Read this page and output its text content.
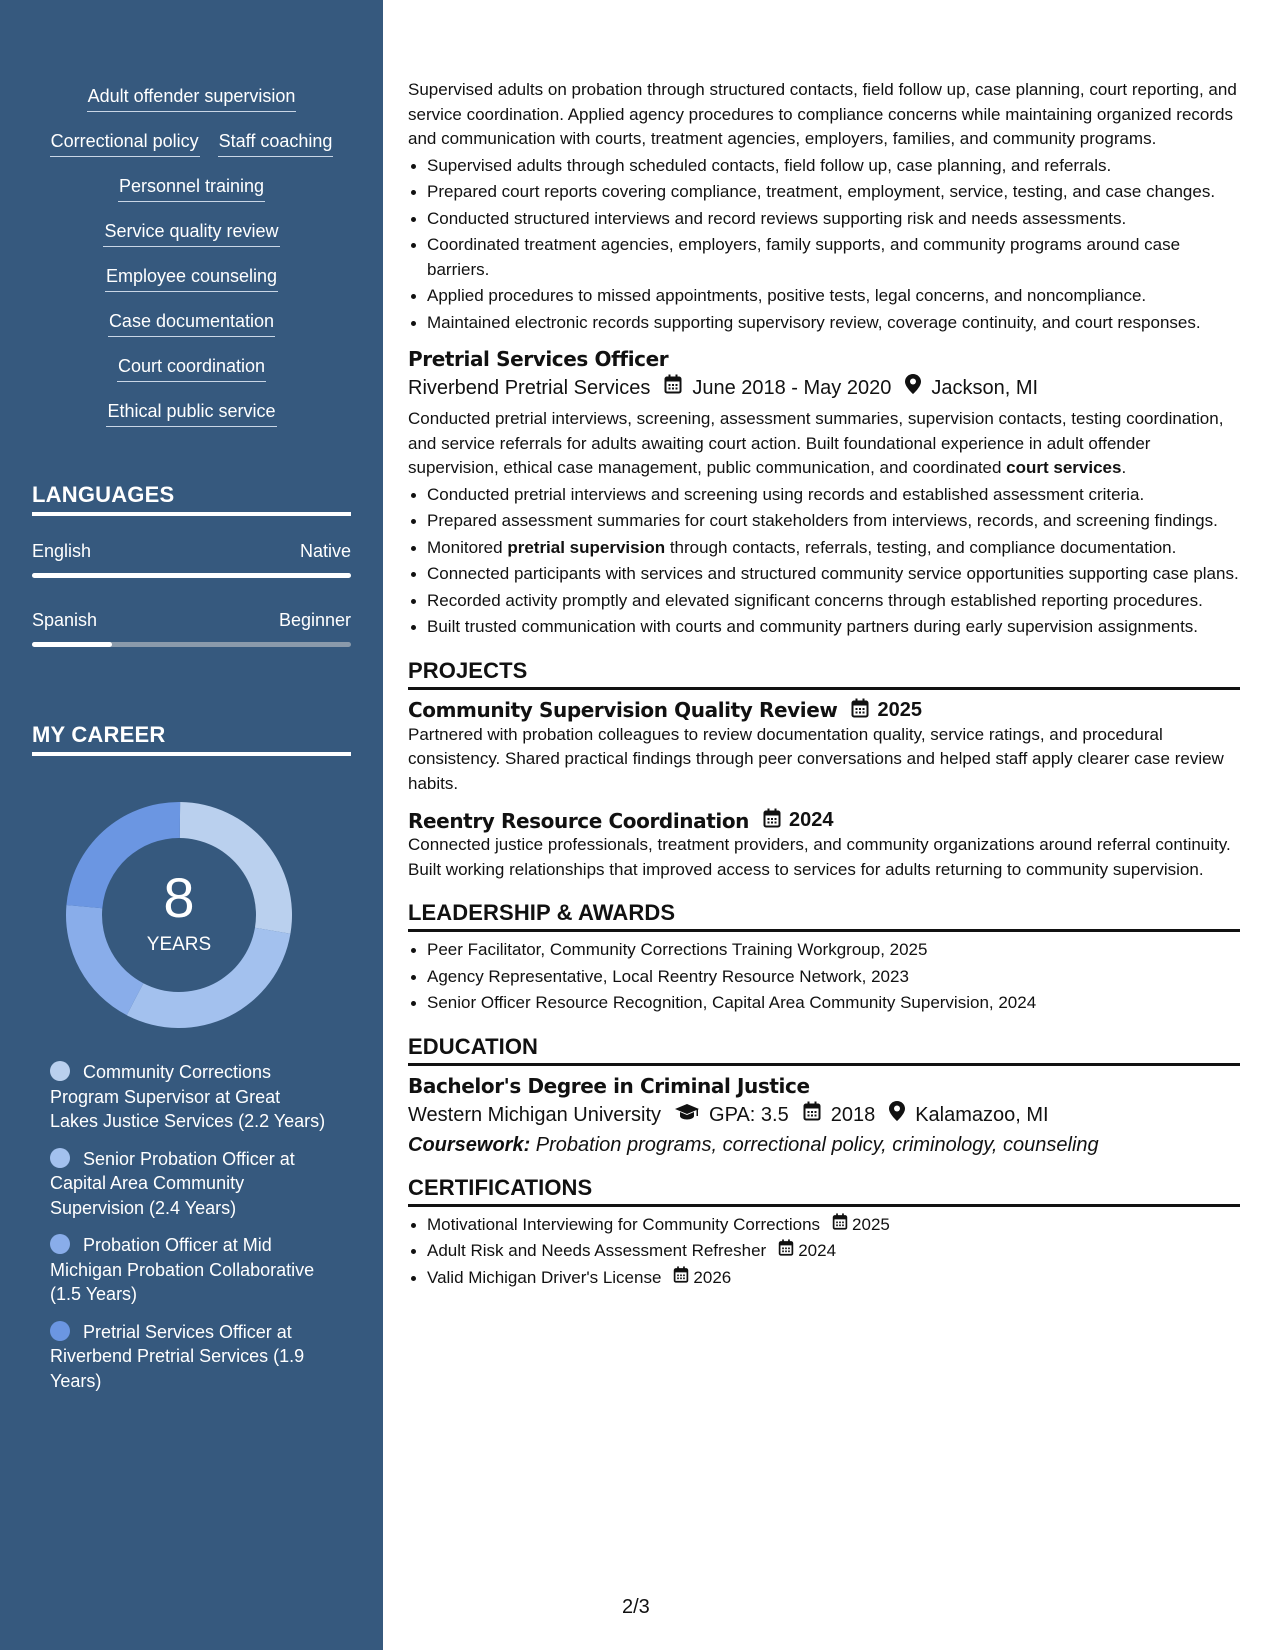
Adult offender supervision
Correctional policy Staff coaching
Personnel training
Service quality review
Employee counseling
Case documentation
Court coordination
Ethical public service
LANGUAGES
English	Native
Spanish	Beginner
MY CAREER
8
YEARS
Community Corrections Program Supervisor at Great Lakes Justice Services (2.2 Years)
Senior Probation Officer at Capital Area Community Supervision (2.4 Years)
Probation Officer at Mid Michigan Probation Collaborative (1.5 Years)
Pretrial Services Officer at Riverbend Pretrial Services (1.9 Years)

Supervised adults on probation through structured contacts, field follow up, case planning, court reporting, and service coordination. Applied agency procedures to compliance concerns while maintaining organized records and communication with courts, treatment agencies, employers, families, and community programs.

Supervised adults through scheduled contacts, field follow up, case planning, and referrals.
Prepared court reports covering compliance, treatment, employment, service, testing, and case changes.
Conducted structured interviews and record reviews supporting risk and needs assessments.
Coordinated treatment agencies, employers, family supports, and community programs around case barriers.
Applied procedures to missed appointments, positive tests, legal concerns, and noncompliance.
Maintained electronic records supporting supervisory review, coverage continuity, and court responses.
Pretrial Services Officer
Riverbend Pretrial Services June 2018 - May 2020 Jackson, MI

Conducted pretrial interviews, screening, assessment summaries, supervision contacts, testing coordination, and service referrals for adults awaiting court action. Built foundational experience in adult offender supervision, ethical case management, public communication, and coordinated court services.

Conducted pretrial interviews and screening using records and established assessment criteria.
Prepared assessment summaries for court stakeholders from interviews, records, and screening findings.
Monitored pretrial supervision through contacts, referrals, testing, and compliance documentation.
Connected participants with services and structured community service opportunities supporting case plans.
Recorded activity promptly and elevated significant concerns through established reporting procedures.
Built trusted communication with courts and community partners during early supervision assignments.
PROJECTS
Community Supervision Quality Review 2025

Partnered with probation colleagues to review documentation quality, service ratings, and procedural consistency. Shared practical findings through peer conversations and helped staff apply clearer case review habits.

Reentry Resource Coordination 2024

Connected justice professionals, treatment providers, and community organizations around referral continuity. Built working relationships that improved access to services for adults returning to community supervision.

LEADERSHIP & AWARDS
Peer Facilitator, Community Corrections Training Workgroup, 2025
Agency Representative, Local Reentry Resource Network, 2023
Senior Officer Resource Recognition, Capital Area Community Supervision, 2024
EDUCATION
Bachelor's Degree in Criminal Justice
Western Michigan University GPA: 3.5 2018 Kalamazoo, MI
Coursework: Probation programs, correctional policy, criminology, counseling
CERTIFICATIONS
Motivational Interviewing for Community Corrections 2025
Adult Risk and Needs Assessment Refresher 2024
Valid Michigan Driver's License 2026
2/3
